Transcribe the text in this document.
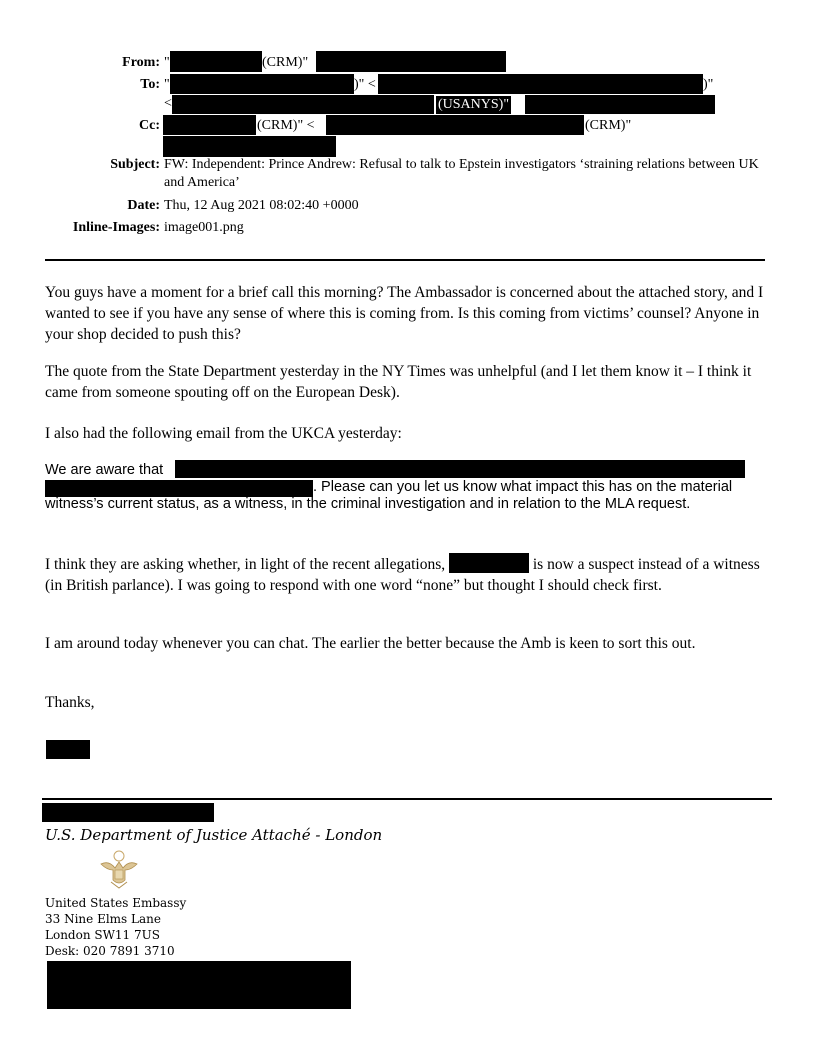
From: "	(CRM)"
To: "	)" <	)"
<	(USANYS)"
Cc:	(CRM)" <	(CRM)"
Subject: FW: Independent: Prince Andrew: Refusal to talk to Epstein investigators ‘straining relations between UK and America’
Date: Thu, 12 Aug 2021 08:02:40 +0000
Inline-Images: image001.png
You guys have a moment for a brief call this morning? The Ambassador is concerned about the attached story, and I wanted to see if you have any sense of where this is coming from. Is this coming from victims’ counsel? Anyone in your shop decided to push this?
The quote from the State Department yesterday in the NY Times was unhelpful (and I let them know it – I think it came from someone spouting off on the European Desk).
I also had the following email from the UKCA yesterday:
We are aware that
. Please can you let us know what impact this has on the material witness’s current status, as a witness, in the criminal investigation and in relation to the MLA request.
I think they are asking whether, in light of the recent allegations,	is now a suspect instead of a witness (in British parlance). I was going to respond with one word “none” but thought I should check first.
I am around today whenever you can chat. The earlier the better because the Amb is keen to sort this out.
Thanks,
U.S. Department of Justice Attaché - London
United States Embassy
33 Nine Elms Lane
London SW11 7US
Desk: 020 7891 3710
